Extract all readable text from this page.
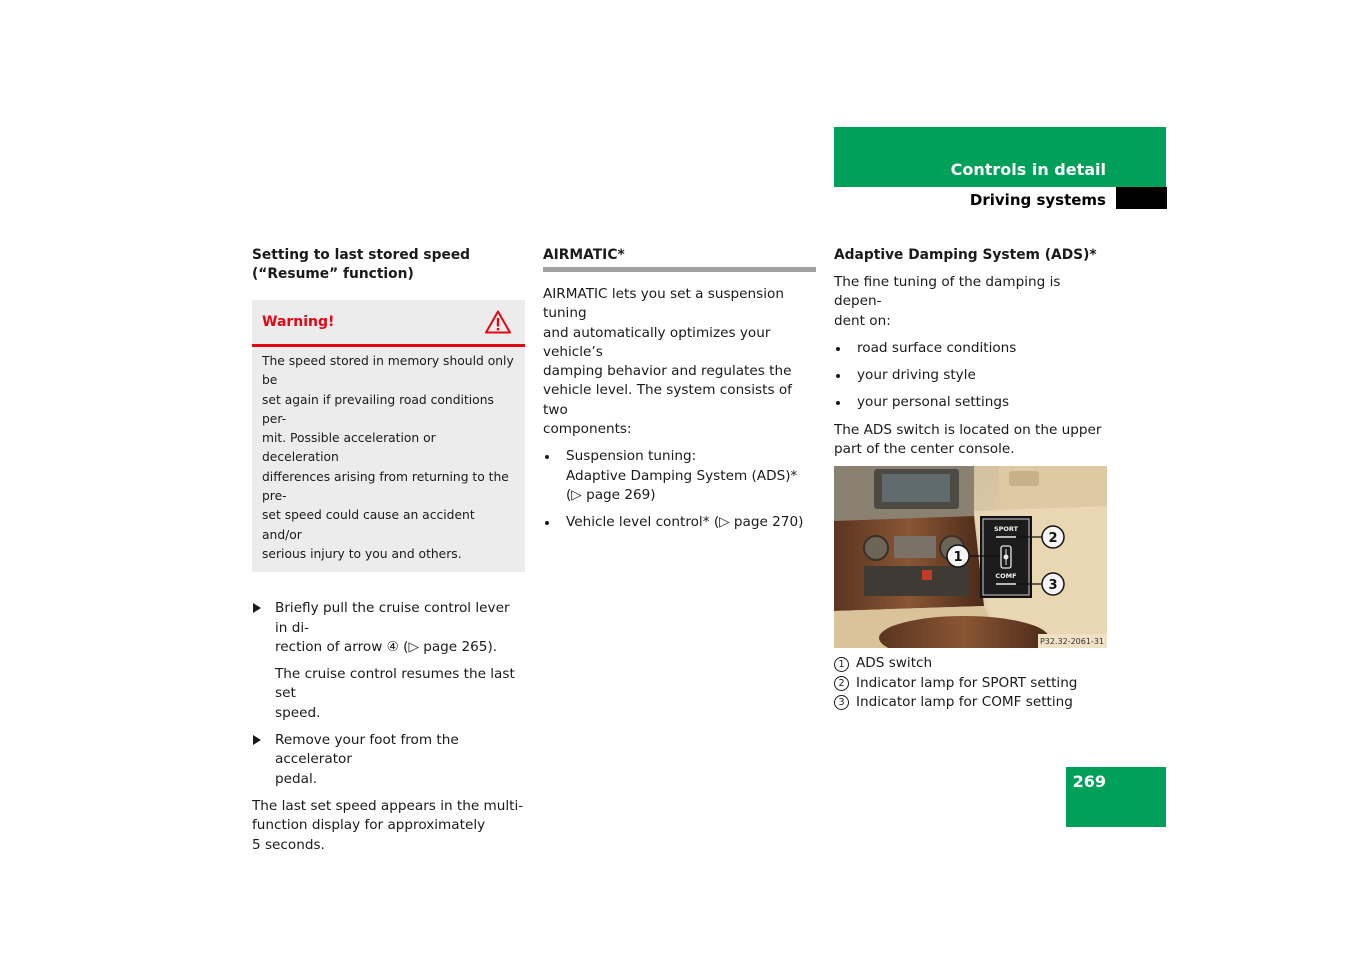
Controls in detail
Driving systems
Setting to last stored speed
(“Resume” function)
Warning!
The speed stored in memory should only be
set again if prevailing road conditions per-
mit. Possible acceleration or deceleration
differences arising from returning to the pre-
set speed could cause an accident and/or
serious injury to you and others.
Briefly pull the cruise control lever in di-
rection of arrow ④ (▷ page 265).
The cruise control resumes the last set
speed.
Remove your foot from the accelerator
pedal.
The last set speed appears in the multi-
function display for approximately
5 seconds.
AIRMATIC*
AIRMATIC lets you set a suspension tuning
and automatically optimizes your vehicle’s
damping behavior and regulates the
vehicle level. The system consists of two
components:
Suspension tuning:
Adaptive Damping System (ADS)*
(▷ page 269)
Vehicle level control* (▷ page 270)
Adaptive Damping System (ADS)*
The fine tuning of the damping is depen-
dent on:
road surface conditions
your driving style
your personal settings
The ADS switch is located on the upper
part of the center console.
SPORT
COMF
1
2
3
P32.32-2061-31
1 ADS switch
2 Indicator lamp for SPORT setting
3 Indicator lamp for COMF setting
269
